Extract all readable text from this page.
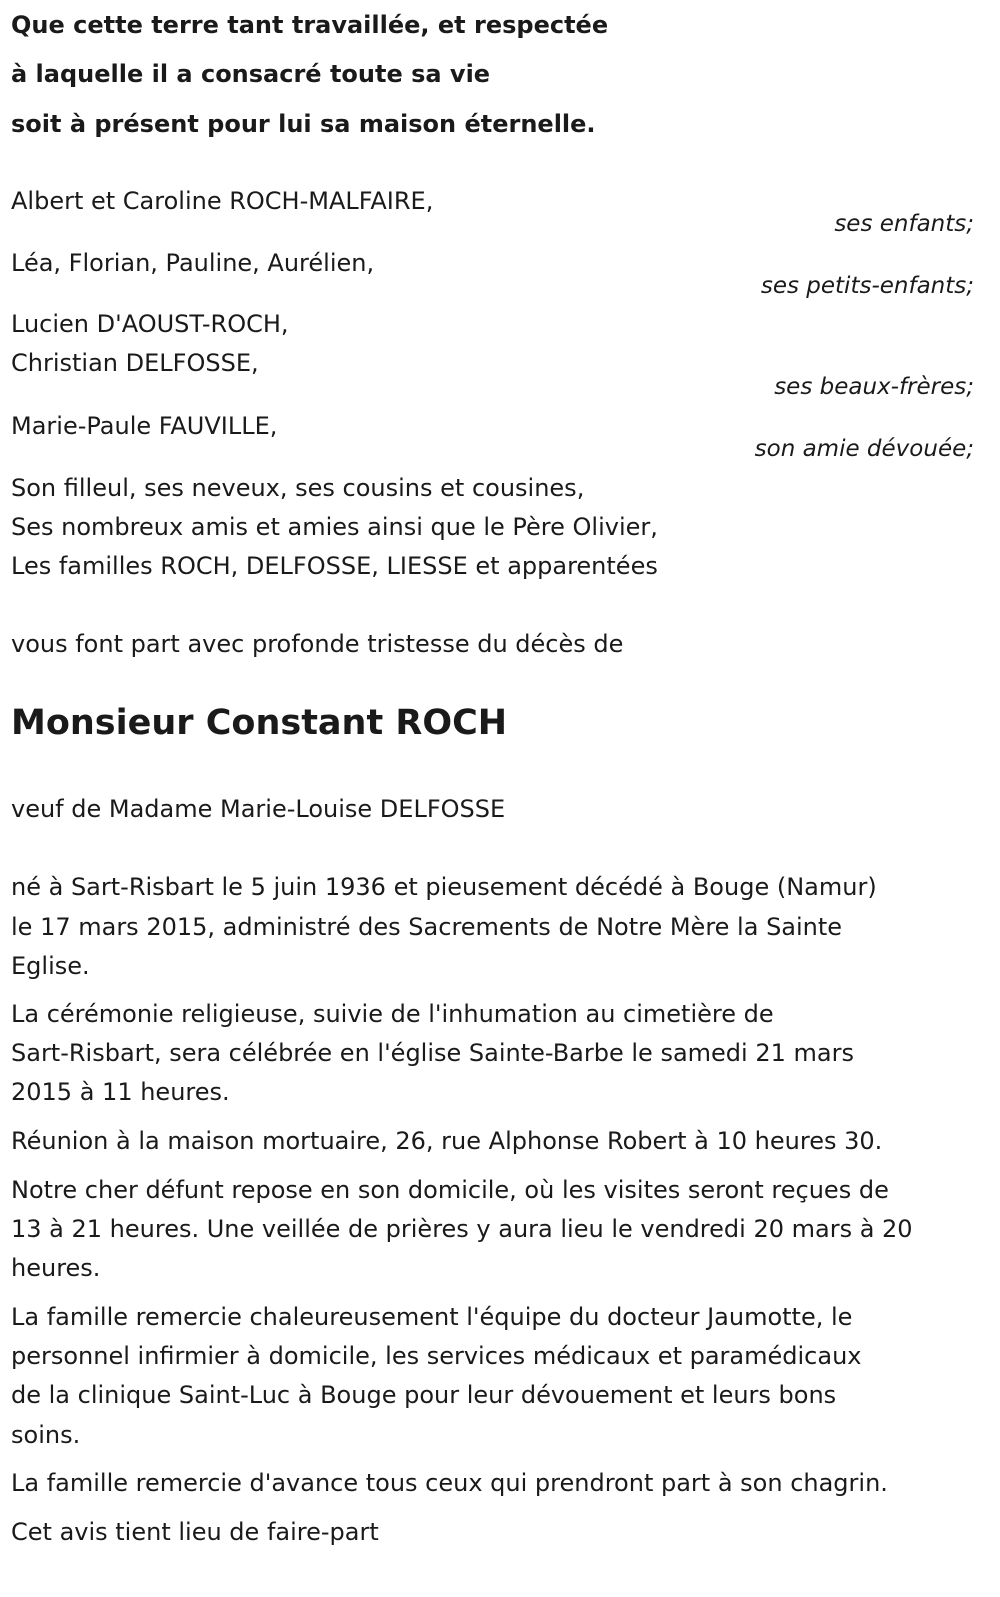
Que cette terre tant travaillée, et respectée
à laquelle il a consacré toute sa vie
soit à présent pour lui sa maison éternelle.
Albert et Caroline ROCH-MALFAIRE,
ses enfants;
Léa, Florian, Pauline, Aurélien,
ses petits-enfants;
Lucien D'AOUST-ROCH,
Christian DELFOSSE,
ses beaux-frères;
Marie-Paule FAUVILLE,
son amie dévouée;
Son filleul, ses neveux, ses cousins et cousines,
Ses nombreux amis et amies ainsi que le Père Olivier,
Les familles ROCH, DELFOSSE, LIESSE et apparentées
vous font part avec profonde tristesse du décès de
Monsieur Constant ROCH
veuf de Madame Marie-Louise DELFOSSE
né à Sart-Risbart le 5 juin 1936 et pieusement décédé à Bouge (Namur)
le 17 mars 2015, administré des Sacrements de Notre Mère la Sainte
Eglise.
La cérémonie religieuse, suivie de l'inhumation au cimetière de
Sart-Risbart, sera célébrée en l'église Sainte-Barbe le samedi 21 mars
2015 à 11 heures.
Réunion à la maison mortuaire, 26, rue Alphonse Robert à 10 heures 30.
Notre cher défunt repose en son domicile, où les visites seront reçues de
13 à 21 heures. Une veillée de prières y aura lieu le vendredi 20 mars à 20
heures.
La famille remercie chaleureusement l'équipe du docteur Jaumotte, le
personnel infirmier à domicile, les services médicaux et paramédicaux
de la clinique Saint-Luc à Bouge pour leur dévouement et leurs bons
soins.
La famille remercie d'avance tous ceux qui prendront part à son chagrin.
Cet avis tient lieu de faire-part
